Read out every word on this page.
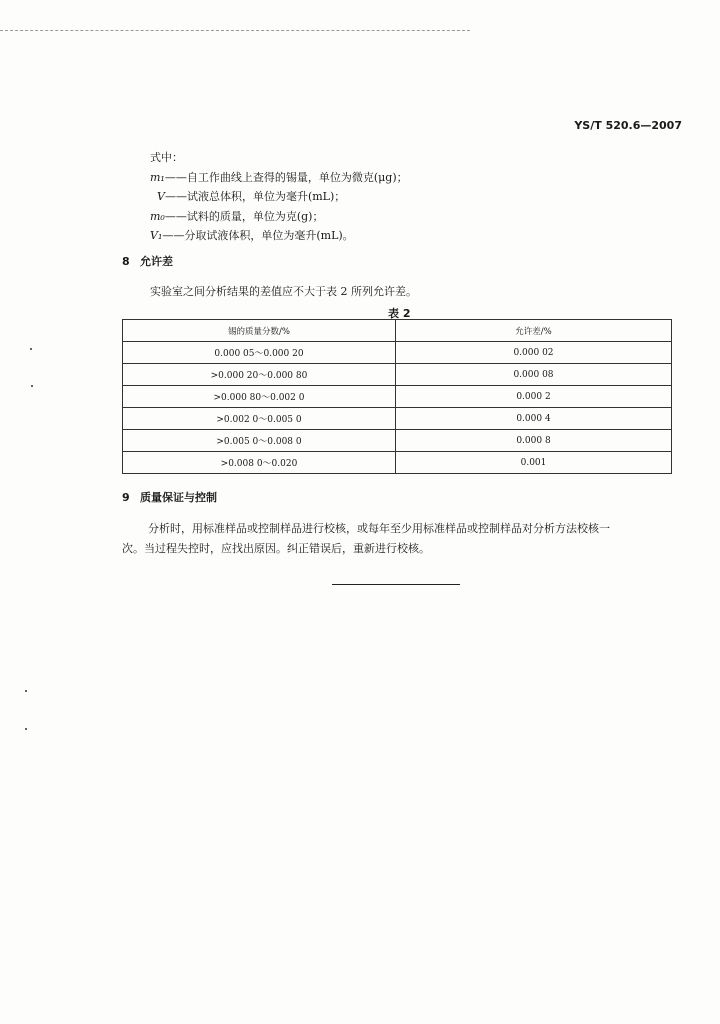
YS/T 520.6—2007
式中：
m₁——自工作曲线上查得的锡量，单位为微克(μg)；
V——试液总体积，单位为毫升(mL)；
m₀——试料的质量，单位为克(g)；
V₁——分取试液体积，单位为毫升(mL)。
8 允许差
实验室之间分析结果的差值应不大于表 2 所列允许差。
表 2
锡的质量分数/%	允许差/%
0.000 05～0.000 20	0.000 02
>0.000 20～0.000 80	0.000 08
>0.000 80～0.002 0	0.000 2
>0.002 0～0.005 0	0.000 4
>0.005 0～0.008 0	0.000 8
>0.008 0～0.020	0.001
9 质量保证与控制
分析时，用标准样品或控制样品进行校核，或每年至少用标准样品或控制样品对分析方法校核一
次。当过程失控时，应找出原因。纠正错误后，重新进行校核。
